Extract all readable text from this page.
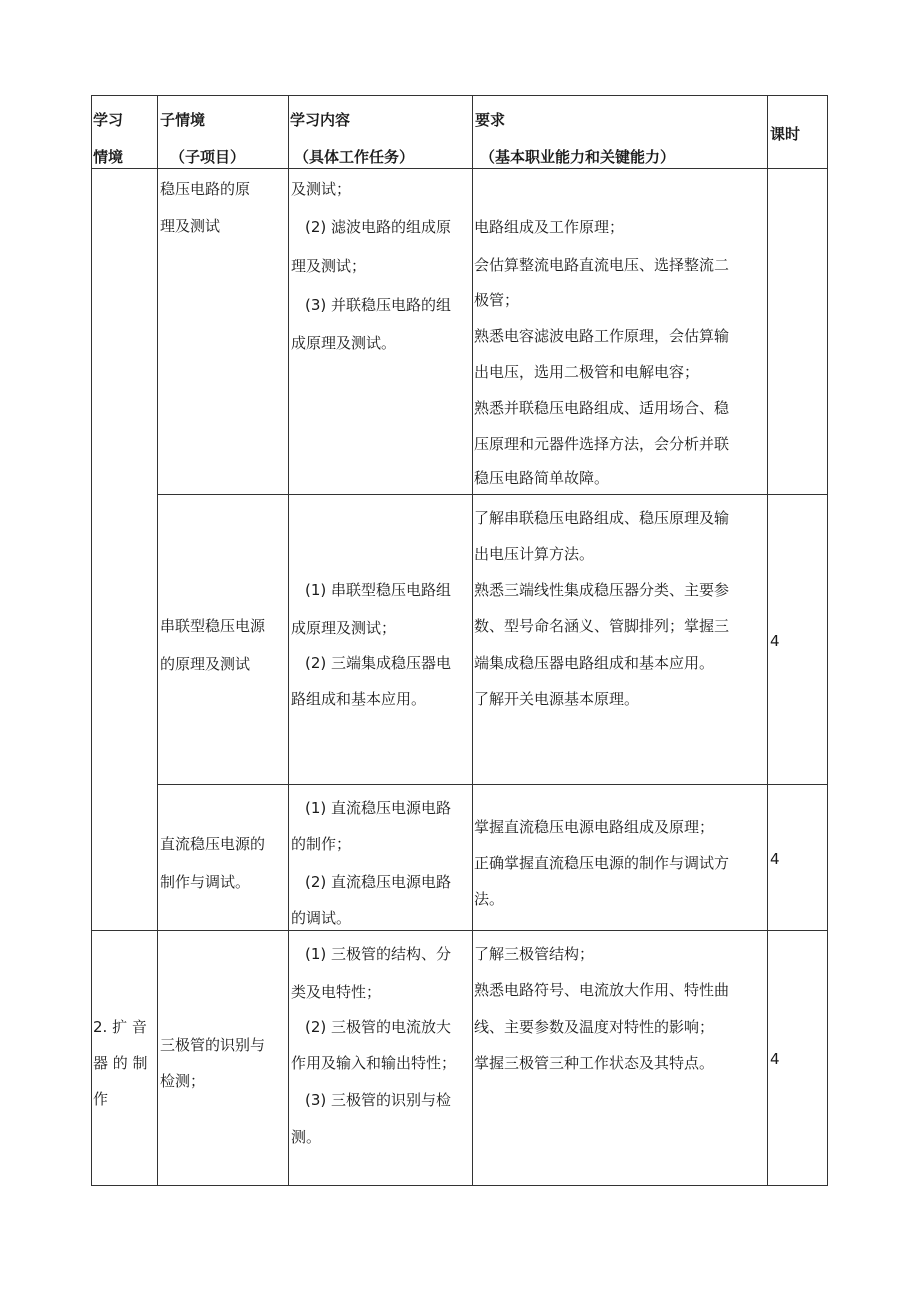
学习
情境
子情境
（子项目）
学习内容
（具体工作任务）
要求
（基本职业能力和关键能力）
课时
稳压电路的原
理及测试
及测试；
(2) 滤波电路的组成原
理及测试；
(3) 并联稳压电路的组
成原理及测试。
电路组成及工作原理；
会估算整流电路直流电压、选择整流二
极管；
熟悉电容滤波电路工作原理，会估算输
出电压，选用二极管和电解电容；
熟悉并联稳压电路组成、适用场合、稳
压原理和元器件选择方法，会分析并联
稳压电路简单故障。
串联型稳压电源
的原理及测试
(1) 串联型稳压电路组
成原理及测试；
(2) 三端集成稳压器电
路组成和基本应用。
了解串联稳压电路组成、稳压原理及输
出电压计算方法。
熟悉三端线性集成稳压器分类、主要参
数、型号命名涵义、管脚排列；掌握三
端集成稳压器电路组成和基本应用。
了解开关电源基本原理。
4
直流稳压电源的
制作与调试。
(1) 直流稳压电源电路
的制作；
(2) 直流稳压电源电路
的调试。
掌握直流稳压电源电路组成及原理；
正确掌握直流稳压电源的制作与调试方
法。
4
2. 扩 音
器 的 制
作
三极管的识别与
检测；
(1) 三极管的结构、分
类及电特性；
(2) 三极管的电流放大
作用及输入和输出特性；
(3) 三极管的识别与检
测。
了解三极管结构；
熟悉电路符号、电流放大作用、特性曲
线、主要参数及温度对特性的影响；
掌握三极管三种工作状态及其特点。	4
